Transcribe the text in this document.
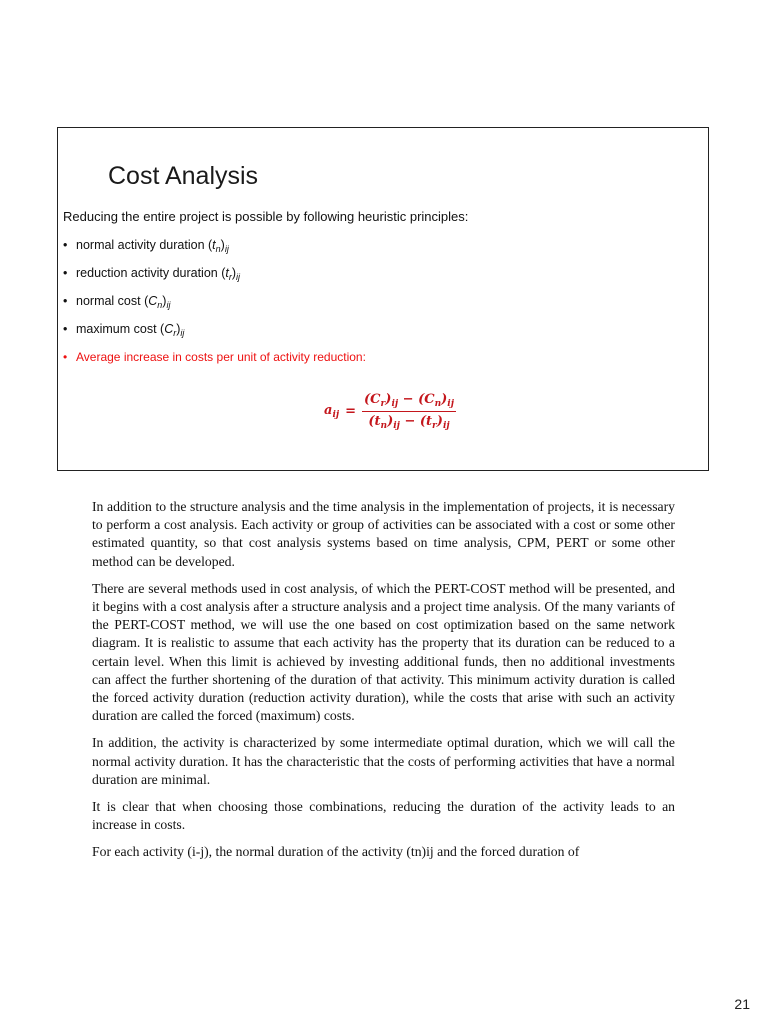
Cost Analysis

Reducing the entire project is possible by following heuristic principles:

• normal activity duration $(t_n)_{ij}$
• reduction activity duration $(t_r)_{ij}$
• normal cost $(C_n)_{ij}$
• maximum cost $(C_r)_{ij}$
• Average increase in costs per unit of activity reduction:
$a_{ij} = \frac{(C_r)_{ij} - (C_n)_{ij}}{(t_n)_{ij} - (t_r)_{ij}}$

In addition to the structure analysis and the time analysis in the implementation of projects, it is necessary to perform a cost analysis. Each activity or group of activities can be associated with a cost or some other estimated quantity, so that cost analysis systems based on time analysis, CPM, PERT or some other method can be developed.

There are several methods used in cost analysis, of which the PERT-COST method will be presented, and it begins with a cost analysis after a structure analysis and a project time analysis. Of the many variants of the PERT-COST method, we will use the one based on cost optimization based on the same network diagram. It is realistic to assume that each activity has the property that its duration can be reduced to a certain level. When this limit is achieved by investing additional funds, then no additional investments can affect the further shortening of the duration of that activity. This minimum activity duration is called the forced activity duration (reduction activity duration), while the costs that arise with such an activity duration are called the forced (maximum) costs.

In addition, the activity is characterized by some intermediate optimal duration, which we will call the normal activity duration. It has the characteristic that the costs of performing activities that have a normal duration are minimal.

It is clear that when choosing those combinations, reducing the duration of the activity leads to an increase in costs.

For each activity (i-j), the normal duration of the activity (tn)ij and the forced duration of

21
